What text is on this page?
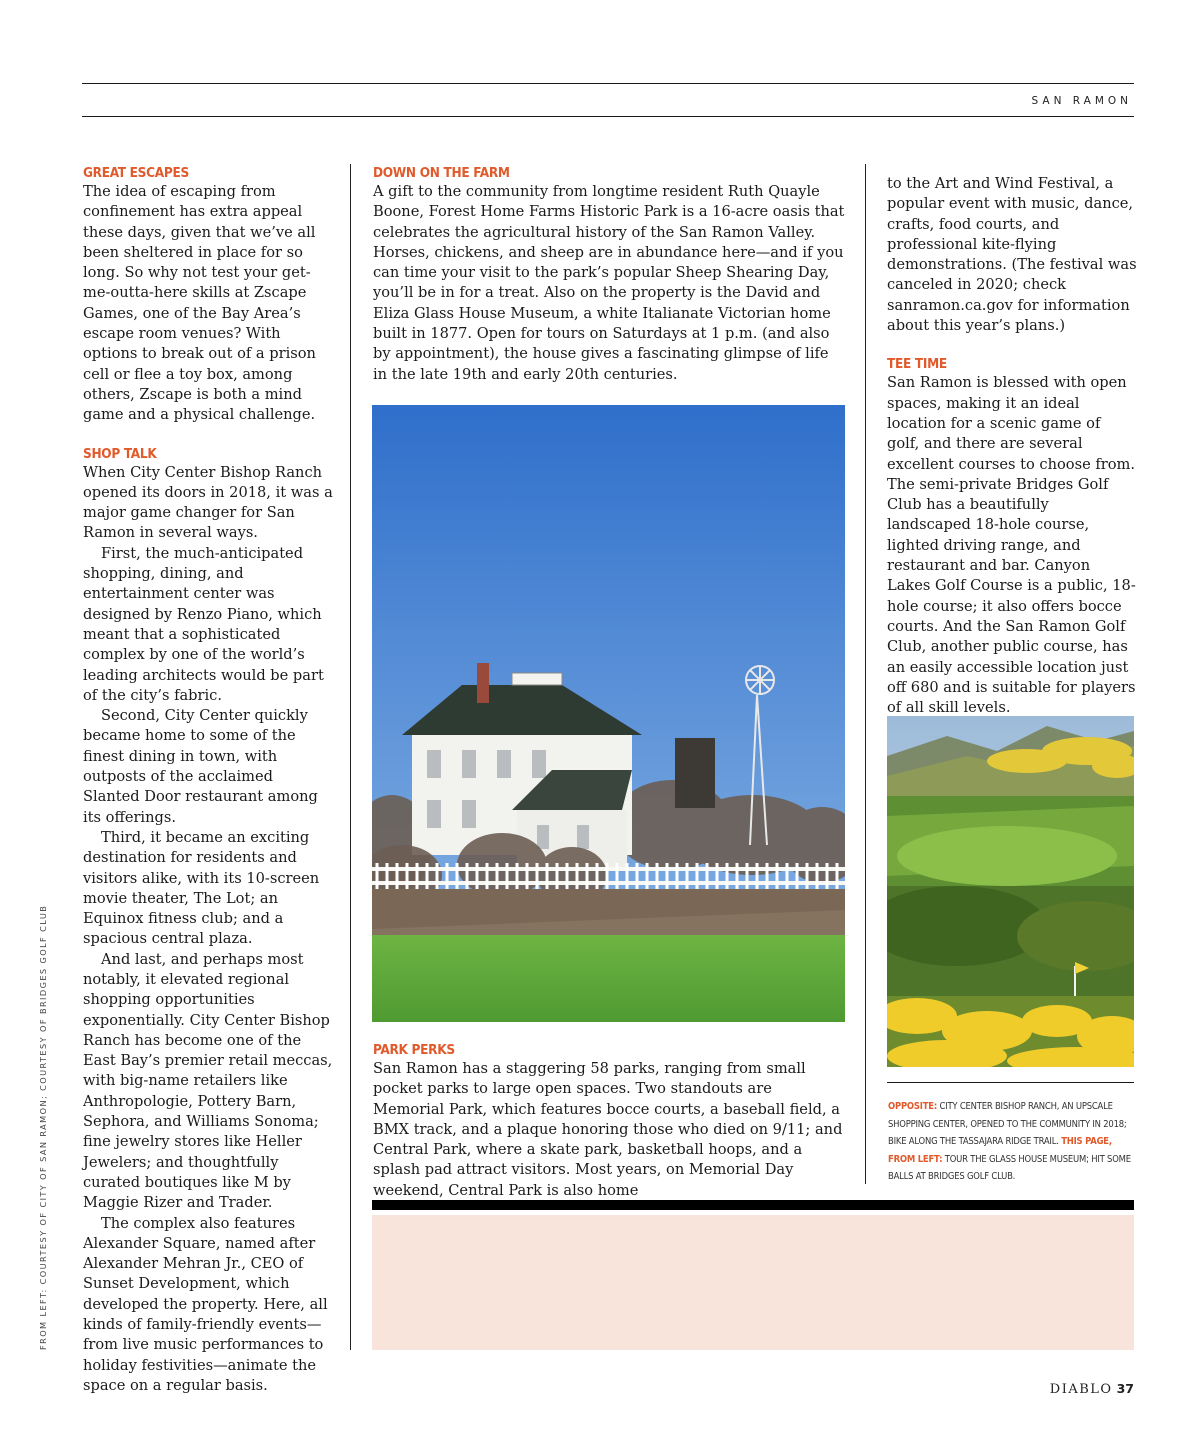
SAN RAMON
FROM LEFT: COURTESY OF CITY OF SAN RAMON; COURTESY OF BRIDGES GOLF CLUB
GREAT ESCAPES

The idea of escaping from confinement has extra appeal these days, given that we’ve all been sheltered in place for so long. So why not test your get-me-outta-here skills at Zscape Games, one of the Bay Area’s escape room venues? With options to break out of a prison cell or flee a toy box, among others, Zscape is both a mind game and a physical challenge.

SHOP TALK

When City Center Bishop Ranch opened its doors in 2018, it was a major game changer for San Ramon in several ways.

First, the much-anticipated shopping, dining, and entertainment center was designed by Renzo Piano, which meant that a sophisticated complex by one of the world’s leading architects would be part of the city’s fabric.

Second, City Center quickly became home to some of the finest dining in town, with outposts of the acclaimed Slanted Door restaurant among its offerings.

Third, it became an exciting destination for residents and visitors alike, with its 10-screen movie theater, The Lot; an Equinox fitness club; and a spacious central plaza.

And last, and perhaps most notably, it elevated regional shopping opportunities exponentially. City Center Bishop Ranch has become one of the East Bay’s premier retail meccas, with big-name retailers like Anthropologie, Pottery Barn, Sephora, and Williams Sonoma; fine jewelry stores like Heller Jewelers; and thoughtfully curated boutiques like M by Maggie Rizer and Trader.

The complex also features Alexander Square, named after Alexander Mehran Jr., CEO of Sunset Development, which developed the property. Here, all kinds of family-friendly events—from live music performances to holiday festivities—animate the space on a regular basis.

DOWN ON THE FARM

A gift to the community from longtime resident Ruth Quayle Boone, Forest Home Farms Historic Park is a 16-acre oasis that celebrates the agricultural history of the San Ramon Valley. Horses, chickens, and sheep are in abundance here—and if you can time your visit to the park’s popular Sheep Shearing Day, you’ll be in for a treat. Also on the property is the David and Eliza Glass House Museum, a white Italianate Victorian home built in 1877. Open for tours on Saturdays at 1 p.m. (and also by appointment), the house gives a fascinating glimpse of life in the late 19th and early 20th centuries.

PARK PERKS

San Ramon has a staggering 58 parks, ranging from small pocket parks to large open spaces. Two standouts are Memorial Park, which features bocce courts, a baseball field, a BMX track, and a plaque honoring those who died on 9/11; and Central Park, where a skate park, basketball hoops, and a splash pad attract visitors. Most years, on Memorial Day weekend, Central Park is also home

to the Art and Wind Festival, a popular event with music, dance, crafts, food courts, and professional kite-flying demonstrations. (The festival was canceled in 2020; check sanramon.ca.gov for information about this year’s plans.)

TEE TIME

San Ramon is blessed with open spaces, making it an ideal location for a scenic game of golf, and there are several excellent courses to choose from. The semi-private Bridges Golf Club has a beautifully landscaped 18-hole course, lighted driving range, and restaurant and bar. Canyon Lakes Golf Course is a public, 18-hole course; it also offers bocce courts. And the San Ramon Golf Club, another public course, has an easily accessible location just off 680 and is suitable for players of all skill levels.

OPPOSITE: CITY CENTER BISHOP RANCH, AN UPSCALE SHOPPING CENTER, OPENED TO THE COMMUNITY IN 2018; BIKE ALONG THE TASSAJARA RIDGE TRAIL. THIS PAGE, FROM LEFT: TOUR THE GLASS HOUSE MUSEUM; HIT SOME BALLS AT BRIDGES GOLF CLUB.
DIABLO 37
